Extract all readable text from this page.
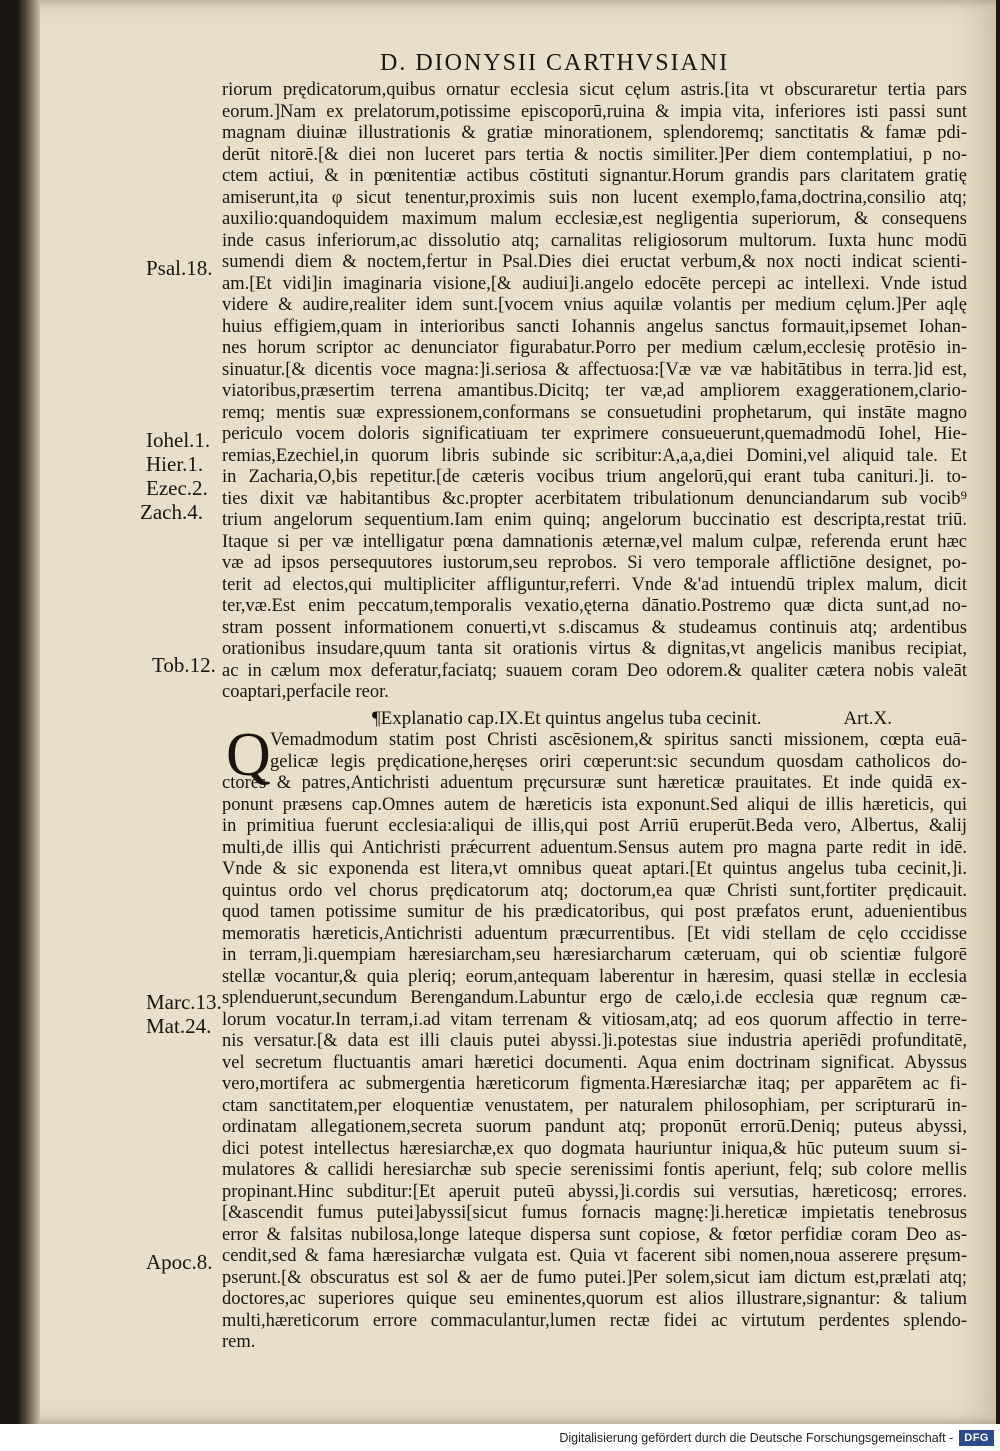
D. DIONYSII CARTHVSIANI
riorum prędicatorum,quibus ornatur ecclesia sicut cęlum astris.[ita vt obscuraretur tertia pars
eorum.]Nam ex prelatorum,potissime episcoporū,ruina & impia vita, inferiores isti passi sunt
magnam diuinæ illustrationis & gratiæ minorationem, splendoremq; sanctitatis & famæ pdi-
derūt nitorē.[& diei non luceret pars tertia & noctis similiter.]Per diem contemplatiui, p no-
ctem actiui, & in pœnitentiæ actibus cōstituti signantur.Horum grandis pars claritatem gratię
amiserunt,ita φ sicut tenentur,proximis suis non lucent exemplo,fama,doctrina,consilio atq;
auxilio:quandoquidem maximum malum ecclesiæ,est negligentia superiorum, & consequens
inde casus inferiorum,ac dissolutio atq; carnalitas religiosorum multorum. Iuxta hunc modū
sumendi diem & noctem,fertur in Psal.Dies diei eructat verbum,& nox nocti indicat scienti-
am.[Et vidi]in imaginaria visione,[& audiui]i.angelo edocēte percepi ac intellexi. Vnde istud
videre & audire,realiter idem sunt.[vocem vnius aquilæ volantis per medium cęlum.]Per aqlę
huius effigiem,quam in interioribus sancti Iohannis angelus sanctus formauit,ipsemet Iohan-
nes horum scriptor ac denunciator figurabatur.Porro per medium cælum,ecclesię protēsio in-
sinuatur.[& dicentis voce magna:]i.seriosa & affectuosa:[Væ væ væ habitātibus in terra.]id est,
viatoribus,præsertim terrena amantibus.Dicitq; ter væ,ad ampliorem exaggerationem,clario-
remq; mentis suæ expressionem,conformans se consuetudini prophetarum, qui instāte magno
periculo vocem doloris significatiuam ter exprimere consueuerunt,quemadmodū Iohel, Hie-
remias,Ezechiel,in quorum libris subinde sic scribitur:A,a,a,diei Domini,vel aliquid tale. Et
in Zacharia,O,bis repetitur.[de cæteris vocibus trium angelorū,qui erant tuba canituri.]i. to-
ties dixit væ habitantibus &c.propter acerbitatem tribulationum denunciandarum sub vocib⁹
trium angelorum sequentium.Iam enim quinq; angelorum buccinatio est descripta,restat triū.
Itaque si per væ intelligatur pœna damnationis æternæ,vel malum culpæ, referenda erunt hæc
væ ad ipsos persequutores iustorum,seu reprobos. Si vero temporale afflictiōne designet, po-
terit ad electos,qui multipliciter affliguntur,referri. Vnde &'ad intuendū triplex malum, dicit
ter,væ.Est enim peccatum,temporalis vexatio,ęterna dānatio.Postremo quæ dicta sunt,ad no-
stram possent informationem conuerti,vt s.discamus & studeamus continuis atq; ardentibus
orationibus insudare,quum tanta sit orationis virtus & dignitas,vt angelicis manibus recipiat,
ac in cælum mox deferatur,faciatq; suauem coram Deo odorem.& qualiter cætera nobis valeāt
coaptari,perfacile reor.
¶Explanatio cap.IX.Et quintus angelus tuba cecinit.	Art.X.
Q Vemadmodum statim post Christi ascēsionem,& spiritus sancti missionem, cœpta euā-
gelicæ legis prędicatione,heręses oriri cœperunt:sic secundum quosdam catholicos do-
ctores & patres,Antichristi aduentum pręcursuræ sunt hæreticæ prauitates. Et inde quidā ex-
ponunt præsens cap.Omnes autem de hæreticis ista exponunt.Sed aliqui de illis hæreticis, qui
in primitiua fuerunt ecclesia:aliqui de illis,qui post Arriū eruperūt.Beda vero, Albertus, &alij
multi,de illis qui Antichristi prǽcurrent aduentum.Sensus autem pro magna parte redit in idē.
Vnde & sic exponenda est litera,vt omnibus queat aptari.[Et quintus angelus tuba cecinit,]i.
quintus ordo vel chorus prędicatorum atq; doctorum,ea quæ Christi sunt,fortiter prędicauit.
quod tamen potissime sumitur de his prædicatoribus, qui post præfatos erunt, aduenientibus
memoratis hæreticis,Antichristi aduentum præcurrentibus. [Et vidi stellam de cęlo cccidisse
in terram,]i.quempiam hæresiarcham,seu hæresiarcharum cæteruam, qui ob scientiæ fulgorē
stellæ vocantur,& quia pleriq; eorum,antequam laberentur in hæresim, quasi stellæ in ecclesia
splenduerunt,secundum Berengandum.Labuntur ergo de cælo,i.de ecclesia quæ regnum cæ-
lorum vocatur.In terram,i.ad vitam terrenam & vitiosam,atq; ad eos quorum affectio in terre-
nis versatur.[& data est illi clauis putei abyssi.]i.potestas siue industria aperiēdi profunditatē,
vel secretum fluctuantis amari hæretici documenti. Aqua enim doctrinam significat. Abyssus
vero,mortifera ac submergentia hæreticorum figmenta.Hæresiarchæ itaq; per apparētem ac fi-
ctam sanctitatem,per eloquentiæ venustatem, per naturalem philosophiam, per scripturarū in-
ordinatam allegationem,secreta suorum pandunt atq; proponūt errorū.Deniq; puteus abyssi,
dici potest intellectus hæresiarchæ,ex quo dogmata hauriuntur iniqua,& hūc puteum suum si-
mulatores & callidi heresiarchæ sub specie serenissimi fontis aperiunt, felq; sub colore mellis
propinant.Hinc subditur:[Et aperuit puteū abyssi,]i.cordis sui versutias, hæreticosq; errores.
[&ascendit fumus putei]abyssi[sicut fumus fornacis magnę:]i.hereticæ impietatis tenebrosus
error & falsitas nubilosa,longe lateque dispersa sunt copiose, & fœtor perfidiæ coram Deo as-
cendit,sed & fama hæresiarchæ vulgata est. Quia vt facerent sibi nomen,noua asserere pręsum-
pserunt.[& obscuratus est sol & aer de fumo putei.]Per solem,sicut iam dictum est,prælati atq;
doctores,ac superiores quique seu eminentes,quorum est alios illustrare,signantur: & talium
multi,hæreticorum errore commaculantur,lumen rectæ fidei ac virtutum perdentes splendo-
rem.
Psal.18.
Iohel.1.
Hier.1.
Ezec.2.
Zach.4.
Tob.12.
Marc.13.
Mat.24.
Apoc.8.
Digitalisierung gefördert durch die Deutsche Forschungsgemeinschaft -	DFG
